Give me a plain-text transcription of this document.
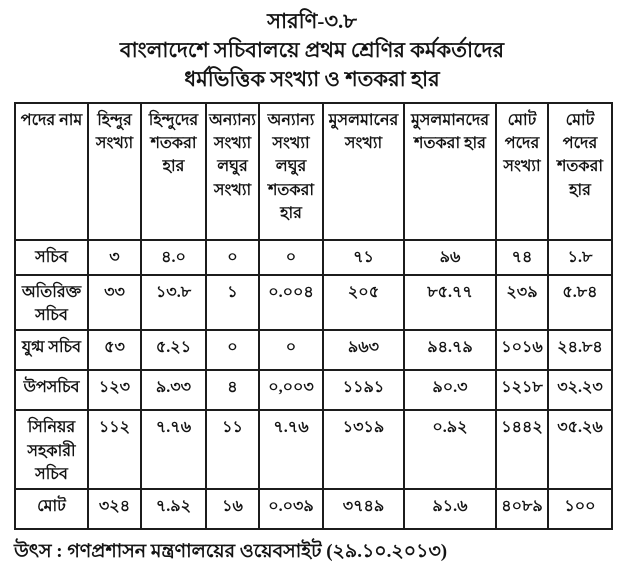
সারণি-৩.৮
বাংলাদেশে সচিবালয়ে প্রথম শ্রেণির কর্মকর্তাদের
ধর্মভিত্তিক সংখ্যা ও শতকরা হার
পদের নাম	হিন্দুর সংখ্যা	হিন্দুদের শতকরা হার	অন্যান্য সংখ্যা লঘুর সংখ্যা	অন্যান্য সংখ্যা লঘুর শতকরা হার	মুসলমানের সংখ্যা	মুসলমানদের শতকরা হার	মোট পদের সংখ্যা	মোট পদের শতকরা হার
সচিব	৩	৪.০	০	০	৭১	৯৬	৭৪	১.৮
অতিরিক্ত সচিব	৩৩	১৩.৮	১	০.০০৪	২০৫	৮৫.৭৭	২৩৯	৫.৮৪
যুগ্ম সচিব	৫৩	৫.২১	০	০	৯৬৩	৯৪.৭৯	১০১৬	২৪.৮৪
উপসচিব	১২৩	৯.৩৩	৪	০,০০৩	১১৯১	৯০.৩	১২১৮	৩২.২৩
সিনিয়র সহকারী সচিব	১১২	৭.৭৬	১১	৭.৭৬	১৩১৯	০.৯২	১৪৪২	৩৫.২৬
মোট	৩২৪	৭.৯২	১৬	০.০৩৯	৩৭৪৯	৯১.৬	৪০৮৯	১০০
উৎস : গণপ্রশাসন মন্ত্রণালয়ের ওয়েবসাইট (২৯.১০.২০১৩)
